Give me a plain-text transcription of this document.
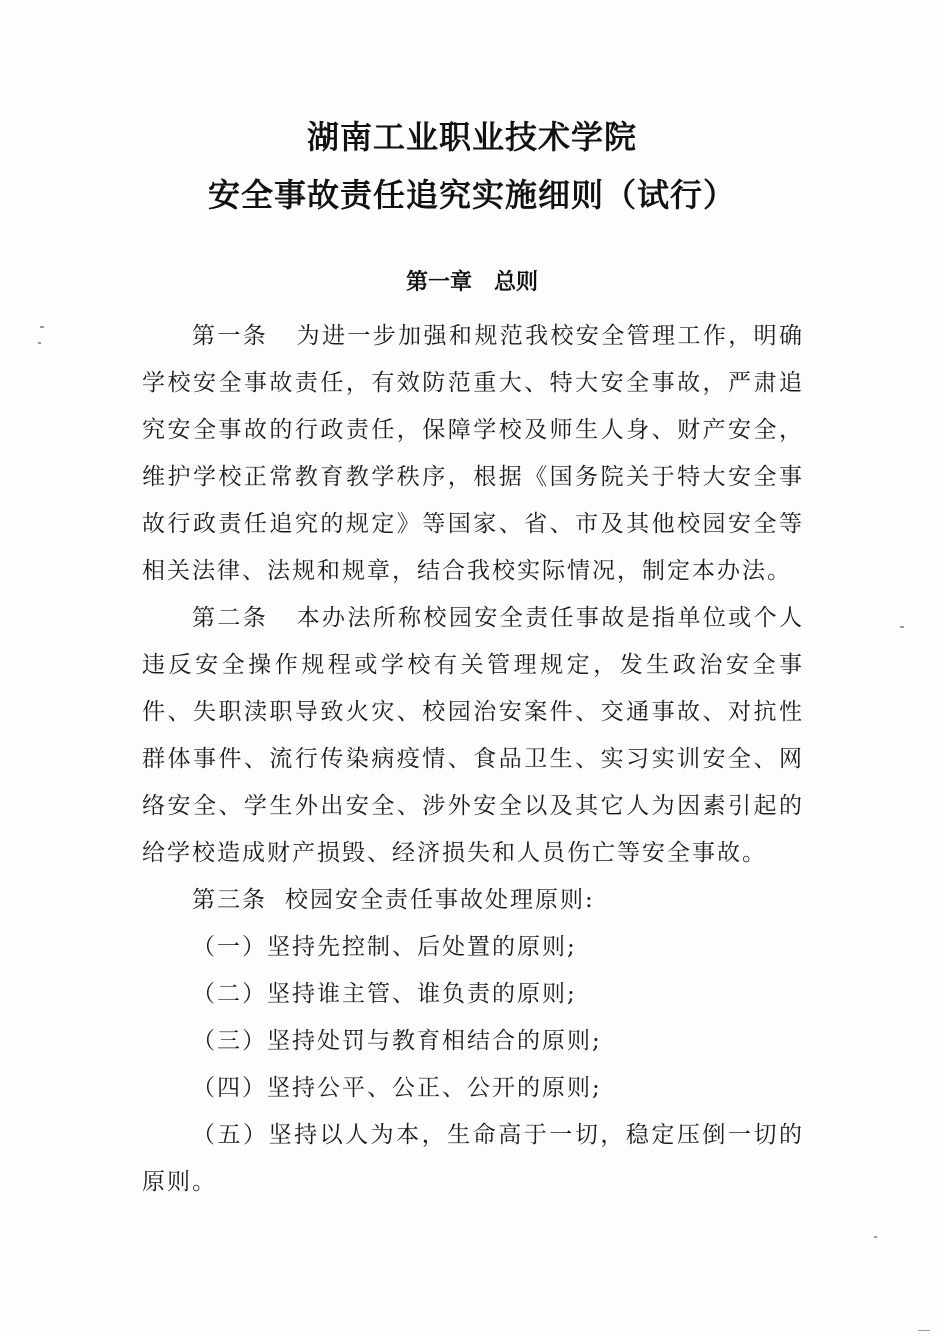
湖南工业职业技术学院
安全事故责任追究实施细则（试行）
第一章 总则

第一条 为进一步加强和规范我校安全管理工作，明确学校安全事故责任，有效防范重大、特大安全事故，严肃追究安全事故的行政责任，保障学校及师生人身、财产安全，维护学校正常教育教学秩序，根据《国务院关于特大安全事故行政责任追究的规定》等国家、省、市及其他校园安全等相关法律、法规和规章，结合我校实际情况，制定本办法。

第二条 本办法所称校园安全责任事故是指单位或个人违反安全操作规程或学校有关管理规定，发生政治安全事件、失职渎职导致火灾、校园治安案件、交通事故、对抗性群体事件、流行传染病疫情、食品卫生、实习实训安全、网络安全、学生外出安全、涉外安全以及其它人为因素引起的给学校造成财产损毁、经济损失和人员伤亡等安全事故。

第三条 校园安全责任事故处理原则:

（一）坚持先控制、后处置的原则;

（二）坚持谁主管、谁负责的原则;

（三）坚持处罚与教育相结合的原则;

（四）坚持公平、公正、公开的原则;

（五）坚持以人为本，生命高于一切，稳定压倒一切的原则。
